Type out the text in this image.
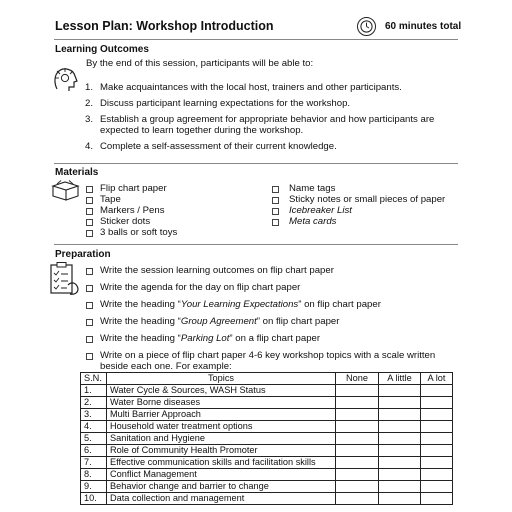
Lesson Plan: Workshop Introduction	60 minutes total
Learning Outcomes
By the end of this session, participants will be able to:
1. Make acquaintances with the local host, trainers and other participants.
2. Discuss participant learning expectations for the workshop.
3. Establish a group agreement for appropriate behavior and how participants are
expected to learn together during the workshop.
4. Complete a self-assessment of their current knowledge.
Materials
Flip chart paper
Tape
Markers / Pens
Sticker dots
3 balls or soft toys
Name tags
Sticky notes or small pieces of paper
Icebreaker List
Meta cards
Preparation
Write the session learning outcomes on flip chart paper
Write the agenda for the day on flip chart paper
Write the heading “Your Learning Expectations” on flip chart paper
Write the heading “Group Agreement” on flip chart paper
Write the heading “Parking Lot” on a flip chart paper
Write on a piece of flip chart paper 4-6 key workshop topics with a scale written
beside each one. For example:
S.N.	Topics	None	A little	A lot
1.	Water Cycle & Sources, WASH Status			
2.	Water Borne diseases			
3.	Multi Barrier Approach			
4.	Household water treatment options			
5.	Sanitation and Hygiene			
6.	Role of Community Health Promoter			
7.	Effective communication skills and facilitation skills			
8.	Conflict Management			
9.	Behavior change and barrier to change			
10.	Data collection and management			
